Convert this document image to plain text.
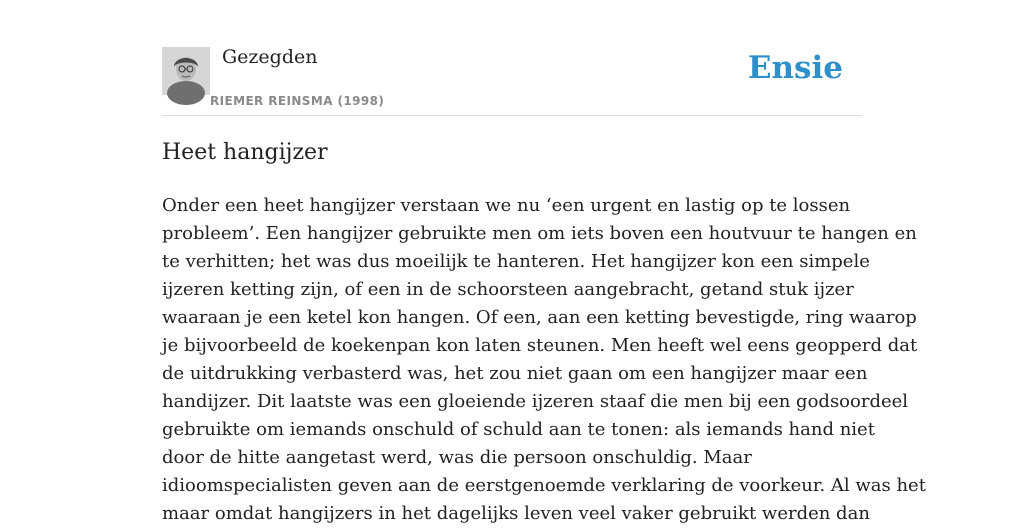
Gezegden
RIEMER REINSMA (1998)
Ensie
Heet hangijzer
Onder een heet hangijzer verstaan we nu ‘een urgent en lastig op te lossen
probleem’. Een hangijzer gebruikte men om iets boven een houtvuur te hangen en
te verhitten; het was dus moeilijk te hanteren. Het hangijzer kon een simpele
ijzeren ketting zijn, of een in de schoorsteen aangebracht, getand stuk ijzer
waaraan je een ketel kon hangen. Of een, aan een ketting bevestigde, ring waarop
je bijvoorbeeld de koekenpan kon laten steunen. Men heeft wel eens geopperd dat
de uitdrukking verbasterd was, het zou niet gaan om een hangijzer maar een
handijzer. Dit laatste was een gloeiende ijzeren staaf die men bij een godsoordeel
gebruikte om iemands onschuld of schuld aan te tonen: als iemands hand niet
door de hitte aangetast werd, was die persoon onschuldig. Maar
idioomspecialisten geven aan de eerstgenoemde verklaring de voorkeur. Al was het
maar omdat hangijzers in het dagelijks leven veel vaker gebruikt werden dan
